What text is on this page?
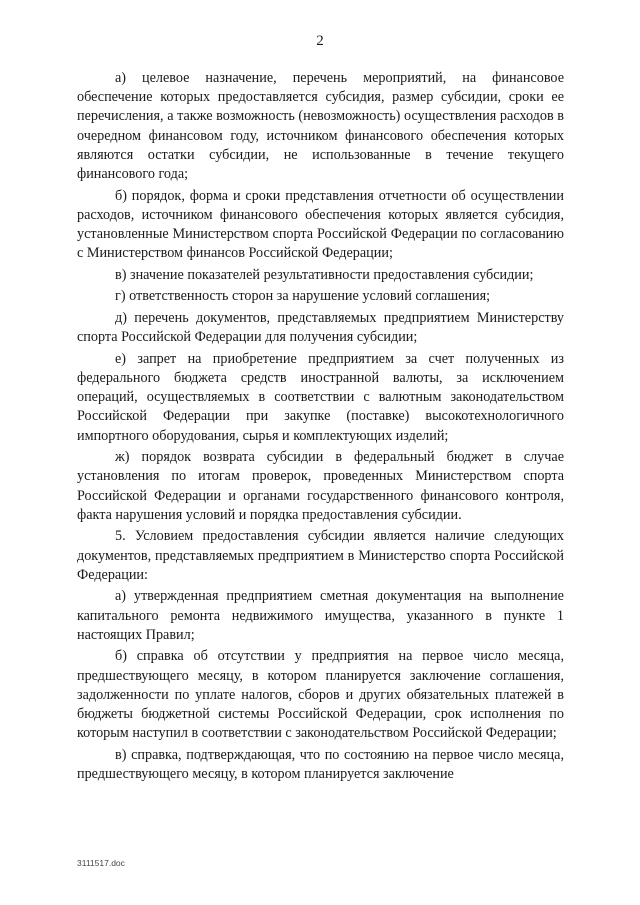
2

а) целевое назначение, перечень мероприятий, на финансовое обеспечение которых предоставляется субсидия, размер субсидии, сроки ее перечисления, а также возможность (невозможность) осуществления расходов в очередном финансовом году, источником финансового обеспечения которых являются остатки субсидии, не использованные в течение текущего финансового года;

б) порядок, форма и сроки представления отчетности об осуществлении расходов, источником финансового обеспечения которых является субсидия, установленные Министерством спорта Российской Федерации по согласованию с Министерством финансов Российской Федерации;

в) значение показателей результативности предоставления субсидии;

г) ответственность сторон за нарушение условий соглашения;

д) перечень документов, представляемых предприятием Министерству спорта Российской Федерации для получения субсидии;

е) запрет на приобретение предприятием за счет полученных из федерального бюджета средств иностранной валюты, за исключением операций, осуществляемых в соответствии с валютным законодательством Российской Федерации при закупке (поставке) высокотехнологичного импортного оборудования, сырья и комплектующих изделий;

ж) порядок возврата субсидии в федеральный бюджет в случае установления по итогам проверок, проведенных Министерством спорта Российской Федерации и органами государственного финансового контроля, факта нарушения условий и порядка предоставления субсидии.

5. Условием предоставления субсидии является наличие следующих документов, представляемых предприятием в Министерство спорта Российской Федерации:

а) утвержденная предприятием сметная документация на выполнение капитального ремонта недвижимого имущества, указанного в пункте 1 настоящих Правил;

б) справка об отсутствии у предприятия на первое число месяца, предшествующего месяцу, в котором планируется заключение соглашения, задолженности по уплате налогов, сборов и других обязательных платежей в бюджеты бюджетной системы Российской Федерации, срок исполнения по которым наступил в соответствии с законодательством Российской Федерации;

в) справка, подтверждающая, что по состоянию на первое число месяца, предшествующего месяцу, в котором планируется заключение

3111517.doc
